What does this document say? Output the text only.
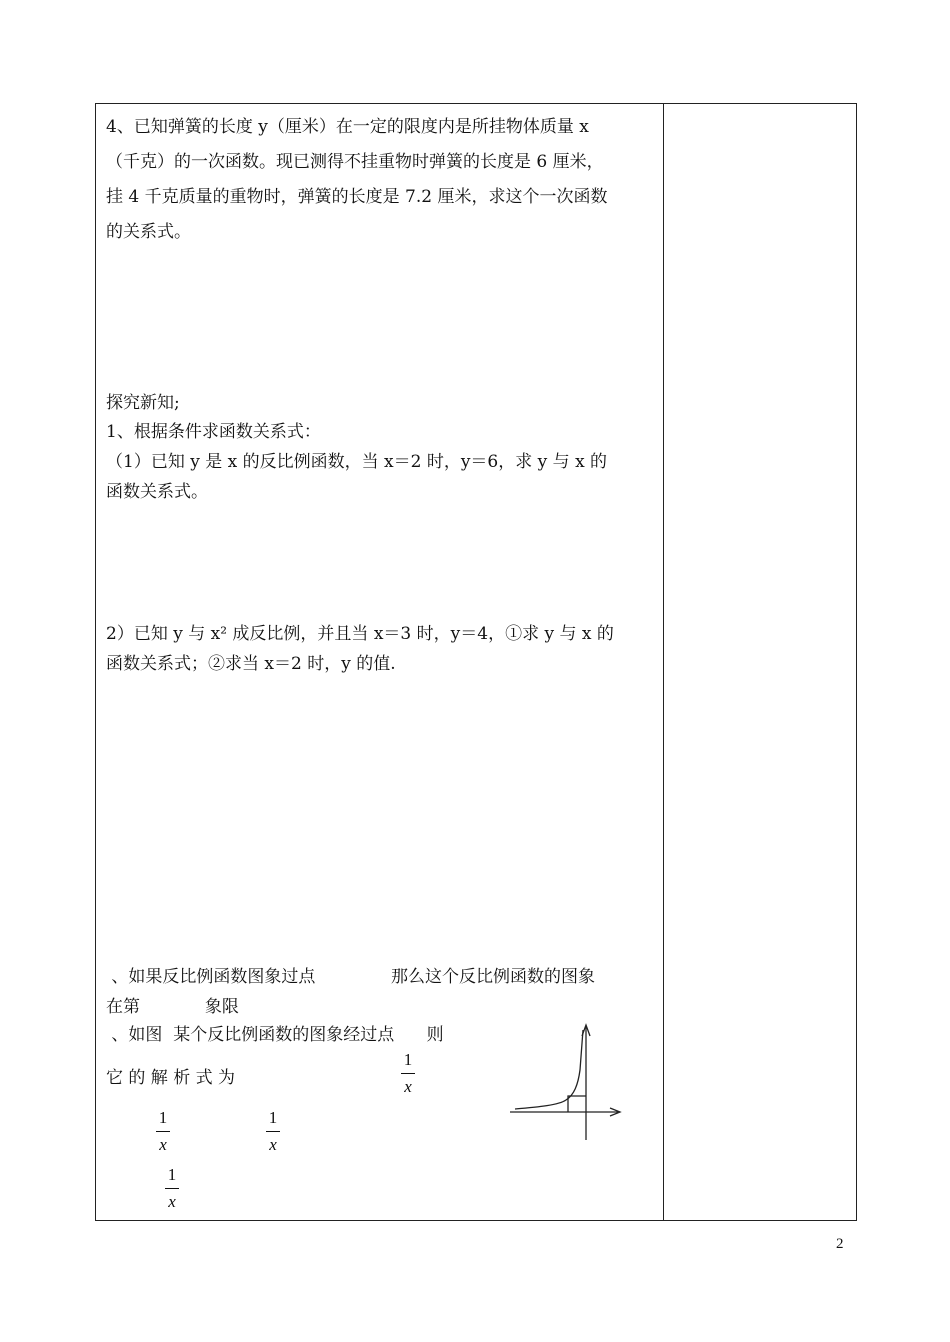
4、已知弹簧的长度 y（厘米）在一定的限度内是所挂物体质量 x
（千克）的一次函数。现已测得不挂重物时弹簧的长度是 6 厘米，
挂 4 千克质量的重物时，弹簧的长度是 7.2 厘米，求这个一次函数
的关系式。
探究新知;
1、根据条件求函数关系式：
（1）已知 y 是 x 的反比例函数，当 x＝2 时，y＝6，求 y 与 x 的
函数关系式。
2）已知 y 与 x² 成反比例，并且当 x＝3 时，y＝4，①求 y 与 x 的
函数关系式；②求当 x＝2 时，y 的值.
、如果反比例函数图象过点              那么这个反比例函数的图象
在第            象限
、如图  某个反比例函数的图象经过点      则
它 的 解 析 式 为
1
x
1
x
1
x
1
x
2
